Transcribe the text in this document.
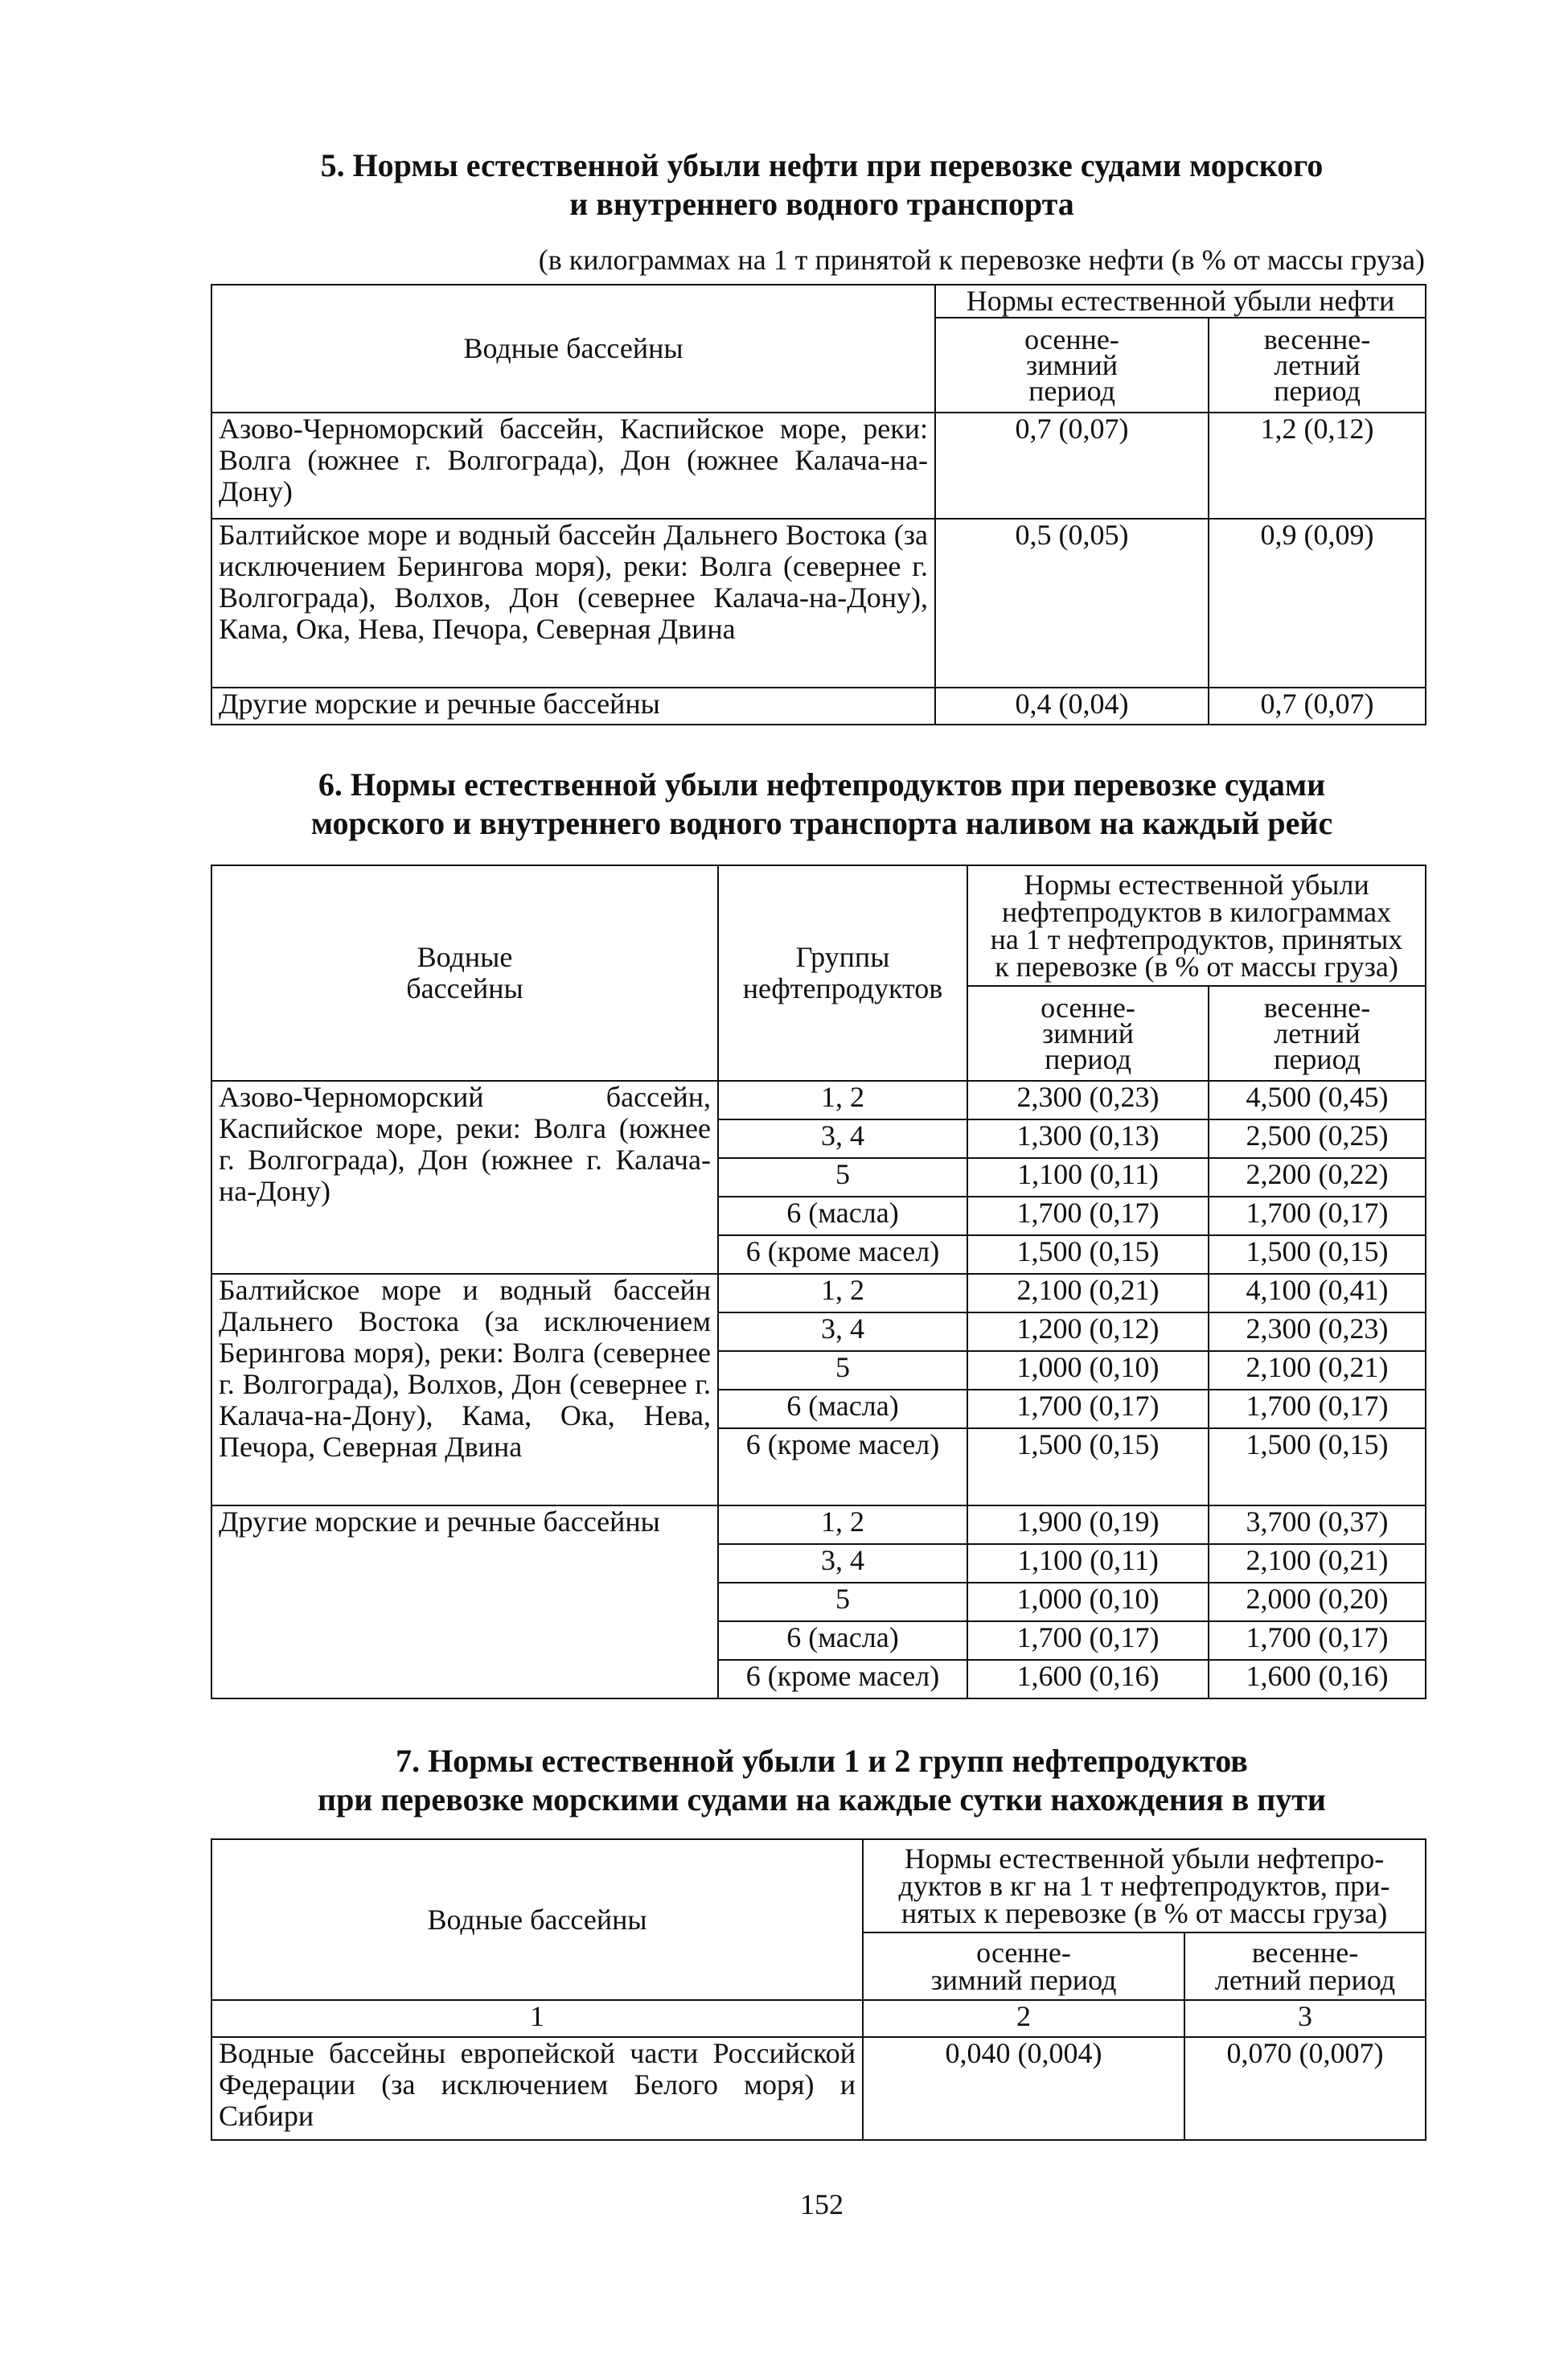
5. Нормы естественной убыли нефти при перевозке судами морского
и внутреннего водного транспорта
(в килограммах на 1 т принятой к перевозке нефти (в % от массы груза)
Водные бассейны	Нормы естественной убыли нефти	
	осенне-
зимний
период	весенне-
летний
период
Азово-Черноморский бассейн, Каспийское море, реки: Волга (южнее г. Волгограда), Дон (южнее Калача-на-Дону)	0,7 (0,07)	1,2 (0,12)
Балтийское море и водный бассейн Дальнего Востока (за исключением Берингова моря), реки: Волга (севернее г. Волгограда), Волхов, Дон (севернее Калача-на-Дону), Кама, Ока, Нева, Печора, Северная Двина	0,5 (0,05)	0,9 (0,09)
Другие морские и речные бассейны	0,4 (0,04)	0,7 (0,07)
6. Нормы естественной убыли нефтепродуктов при перевозке судами
морского и внутреннего водного транспорта наливом на каждый рейс
Водные
бассейны	Группы
нефтепродуктов	Нормы естественной убыли
нефтепродуктов в килограммах
на 1 т нефтепродуктов, принятых
к перевозке (в % от массы груза)	
		осенне-
зимний
период	весенне-
летний
период
Азово-Черноморский бассейн, Каспийское море, реки: Волга (южнее г. Волгограда), Дон (южнее г. Калача-на-Дону)	1, 2	2,300 (0,23)	4,500 (0,45)
	3, 4	1,300 (0,13)	2,500 (0,25)
	5	1,100 (0,11)	2,200 (0,22)
	6 (масла)	1,700 (0,17)	1,700 (0,17)
	6 (кроме масел)	1,500 (0,15)	1,500 (0,15)
Балтийское море и водный бассейн Дальнего Востока (за исключением Берингова моря), реки: Волга (севернее г. Волгограда), Волхов, Дон (севернее г. Калача-на-Дону), Кама, Ока, Нева, Печора, Северная Двина	1, 2	2,100 (0,21)	4,100 (0,41)
	3, 4	1,200 (0,12)	2,300 (0,23)
	5	1,000 (0,10)	2,100 (0,21)
	6 (масла)	1,700 (0,17)	1,700 (0,17)
	6 (кроме масел)	1,500 (0,15)	1,500 (0,15)
Другие морские и речные бассейны	1, 2	1,900 (0,19)	3,700 (0,37)
	3, 4	1,100 (0,11)	2,100 (0,21)
	5	1,000 (0,10)	2,000 (0,20)
	6 (масла)	1,700 (0,17)	1,700 (0,17)
	6 (кроме масел)	1,600 (0,16)	1,600 (0,16)
7. Нормы естественной убыли 1 и 2 групп нефтепродуктов
при перевозке морскими судами на каждые сутки нахождения в пути
Водные бассейны	Нормы естественной убыли нефтепродуктов в кг на 1 т нефтепродуктов, принятых к перевозке (в % от массы груза)	
	осенне-
зимний период	весенне-
летний период
1	2	3
Водные бассейны европейской части Российской Федерации (за исключением Белого моря) и Сибири	0,040 (0,004)	0,070 (0,007)
152
